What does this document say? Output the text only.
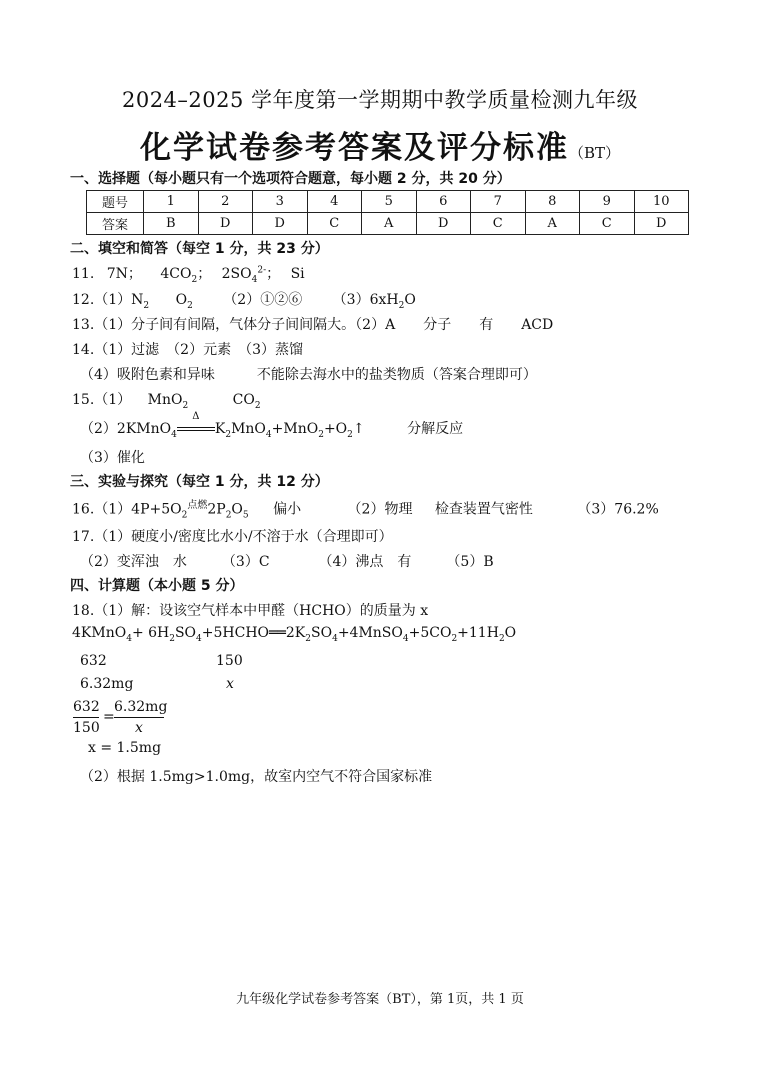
2024–2025 学年度第一学期期中教学质量检测九年级
化学试卷参考答案及评分标准（BT）
一、选择题（每小题只有一个选项符合题意，每小题 2 分，共 20 分）
题号	1	2	3	4	5	6	7	8	9	10
答案	B	D	D	C	A	D	C	A	C	D
二、填空和简答（每空 1 分，共 23 分）
11. 7N； $4CO_2$； $2SO_4^{2-}$； Si
$12.(1)N_2$ $O_2$ （2）①②⑥ $(3)6xH_2O$
13.（1）分子间有间隔，气体分子间间隔大。（2）A　　分子　　有　　ACD
14.（1）过滤　（2）元素　（3）蒸馏
（4）吸附色素和异味　　　不能除去海水中的盐类物质（答案合理即可）
15.（1） MnO$_2$	$CO_2$
（2）2KMnO$_4$
Δ
$K_2MnO_4+MnO_2+O_2↑$	分解反应
（3）催化
三、实验与探究（每空 1 分，共 12 分）
$16.(1)4P+5O_2^{点燃}2P_2O_5$ 偏小	（2）物理 检查装置气密性	（3）76.2%
17.（1）硬度小/密度比水小/不溶于水（合理即可）
（2）变浑浊　水　　　（3）C　　　　（4）沸点　有　　　（5）B
四、计算题（本小题 5 分）
18.（1）解：设该空气样本中甲醛（HCHO）的质量为 x
4KMnO$_4$+ $6H_2SO_4+5HCHO══2K_2SO_4+4MnSO_4+5CO_2+11H_2O$
632	150
6.32mg	x
$\frac{632}{150} = \frac{6.32mg}{x}$
x = 1.5mg
（2）根据 1.5mg>1.0mg，故室内空气不符合国家标准
九年级化学试卷参考答案（BT），第 1页，共 1 页
